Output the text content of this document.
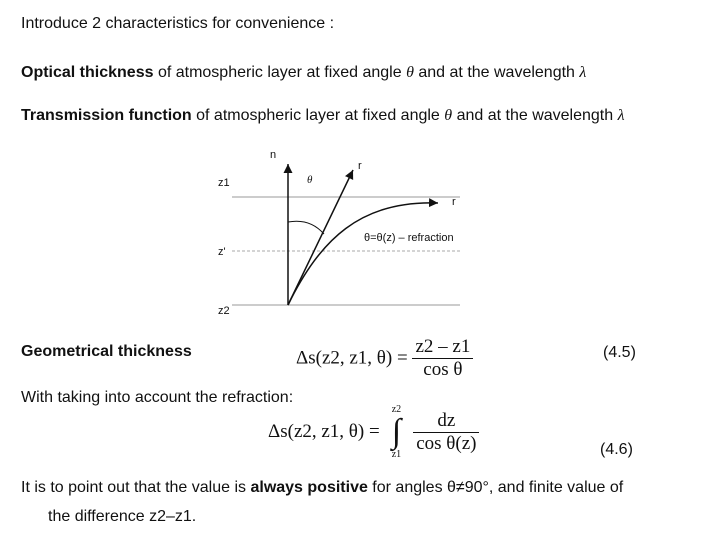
Introduce 2 characteristics for convenience :
Optical thickness of atmospheric layer at fixed angle θ and at the wavelength λ
Transmission function of atmospheric layer at fixed angle θ and at the wavelength λ
z1
z'
z2
n
r
r
θ
θ=θ(z) – refraction
Geometrical thickness	Δs(z2, z1, $\theta) = \frac{z2 - z1}{\text{cos θ}}$	(4.5)
With taking into account the refraction:
Δs(z2, z1, θ) =
z2
∫
z1
$\frac{dz}{\text{cos θ(z)}}$	(4.6)
It is to point out that the value is always positive for angles θ≠90°, and finite value of
the difference z2–z1.
